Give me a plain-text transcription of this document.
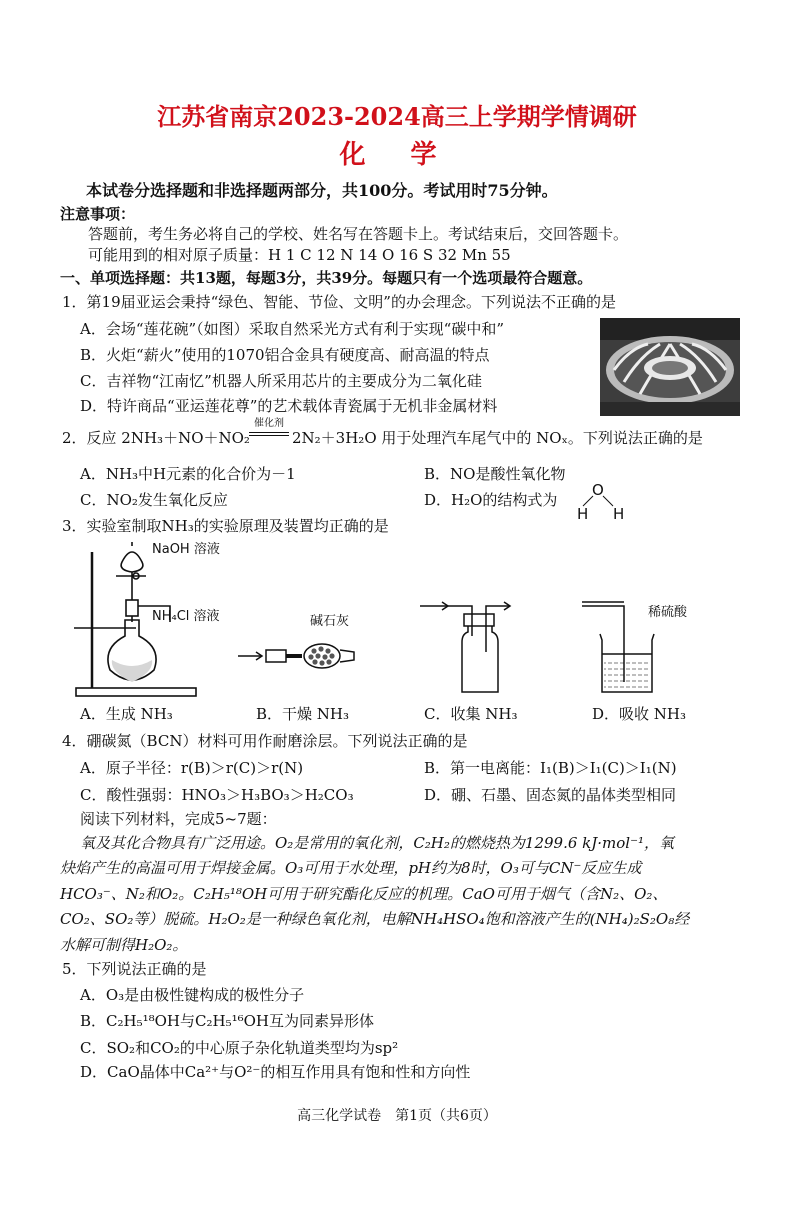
江苏省南京2023-2024高三上学期学情调研
化 学
本试卷分选择题和非选择题两部分，共100分。考试用时75分钟。
注意事项：
答题前，考生务必将自己的学校、姓名写在答题卡上。考试结束后，交回答题卡。
可能用到的相对原子质量：H 1 C 12 N 14 O 16 S 32 Mn 55
一、单项选择题：共13题，每题3分，共39分。每题只有一个选项最符合题意。
1．第19届亚运会秉持“绿色、智能、节俭、文明”的办会理念。下列说法不正确的是
A．会场“莲花碗”（如图）采取自然采光方式有利于实现“碳中和”
B．火炬“薪火”使用的1070铝合金具有硬度高、耐高温的特点
C．吉祥物“江南忆”机器人所采用芯片的主要成分为二氧化硅
D．特许商品“亚运莲花尊”的艺术载体青瓷属于无机非金属材料
2．反应 2NH₃＋NO＋NO₂
催化剂
2N₂＋3H₂O 用于处理汽车尾气中的 NOₓ。下列说法正确的是
A．NH₃中H元素的化合价为－1	B．NO是酸性氧化物
C．NO₂发生氧化反应	D．H₂O的结构式为
O
H H
3．实验室制取NH₃的实验原理及装置均正确的是
NaOH 溶液
NH₄Cl 溶液	碱石灰
稀硫酸
A．生成 NH₃	B．干燥 NH₃	C．收集 NH₃	D．吸收 NH₃
4．硼碳氮（BCN）材料可用作耐磨涂层。下列说法正确的是
A．原子半径：r(B)＞r(C)＞r(N)	B．第一电离能：I₁(B)＞I₁(C)＞I₁(N)
C．酸性强弱：HNO₃＞H₃BO₃＞H₂CO₃	D．硼、石墨、固态氮的晶体类型相同
阅读下列材料，完成5~7题：
氧及其化合物具有广泛用途。O₂是常用的氧化剂，C₂H₂的燃烧热为1299.6 kJ·mol⁻¹，氧
炔焰产生的高温可用于焊接金属。O₃可用于水处理，pH约为8时，O₃可与CN⁻反应生成
HCO₃⁻、N₂和O₂。C₂H₅¹⁸OH可用于研究酯化反应的机理。CaO可用于烟气（含N₂、O₂、
CO₂、SO₂等）脱硫。H₂O₂是一种绿色氧化剂，电解NH₄HSO₄饱和溶液产生的(NH₄)₂S₂O₈经
水解可制得H₂O₂。
5．下列说法正确的是
A．O₃是由极性键构成的极性分子
B．C₂H₅¹⁸OH与C₂H₅¹⁶OH互为同素异形体
C．SO₂和CO₂的中心原子杂化轨道类型均为sp²
D．CaO晶体中Ca²⁺与O²⁻的相互作用具有饱和性和方向性
高三化学试卷　第1页（共6页）
